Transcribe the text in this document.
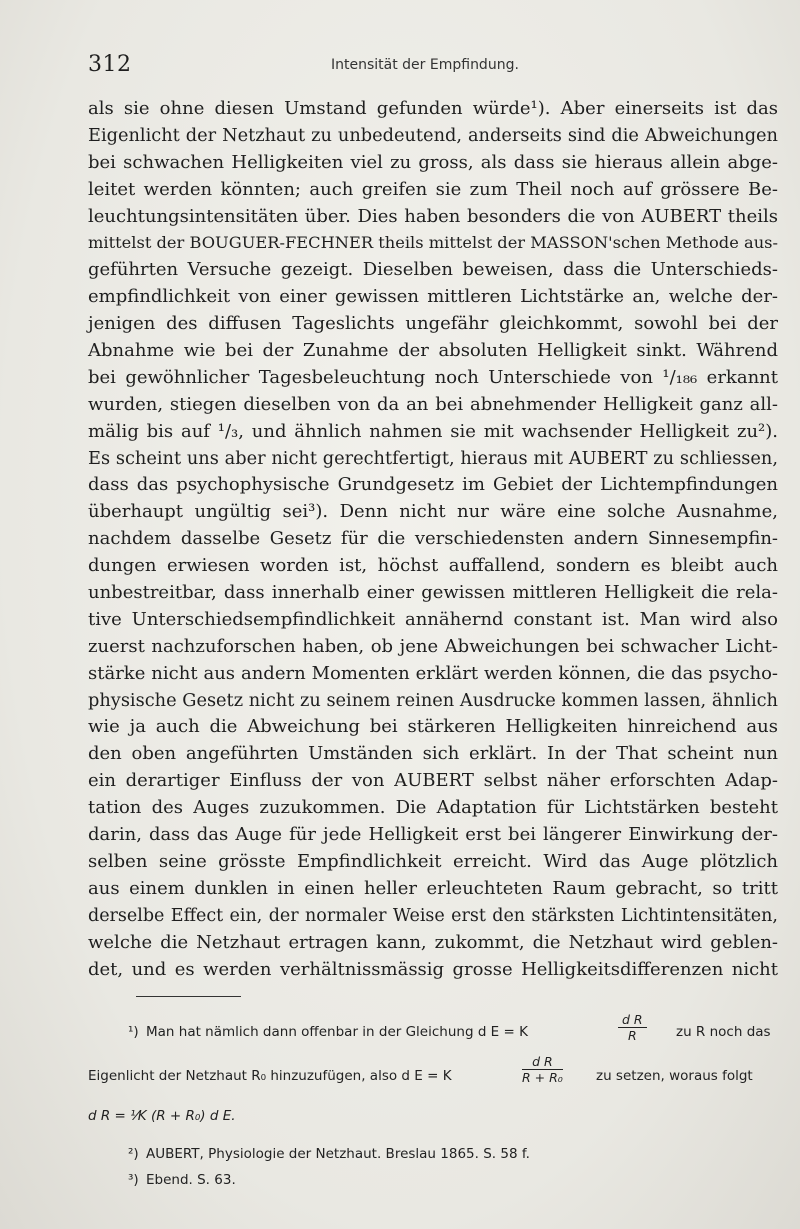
312	Intensität der Empfindung.
als sie ohne diesen Umstand gefunden würde¹). Aber einerseits ist das
Eigenlicht der Netzhaut zu unbedeutend, anderseits sind die Abweichungen
bei schwachen Helligkeiten viel zu gross, als dass sie hieraus allein abge-
leitet werden könnten; auch greifen sie zum Theil noch auf grössere Be-
leuchtungsintensitäten über. Dies haben besonders die von AUBERT theils
mittelst der BOUGUER-FECHNER theils mittelst der MASSON'schen Methode aus-
geführten Versuche gezeigt. Dieselben beweisen, dass die Unterschieds-
empfindlichkeit von einer gewissen mittleren Lichtstärke an, welche der-
jenigen des diffusen Tageslichts ungefähr gleichkommt, sowohl bei der
Abnahme wie bei der Zunahme der absoluten Helligkeit sinkt. Während
bei gewöhnlicher Tagesbeleuchtung noch Unterschiede von ¹/₁₈₆ erkannt
wurden, stiegen dieselben von da an bei abnehmender Helligkeit ganz all-
mälig bis auf ¹/₃, und ähnlich nahmen sie mit wachsender Helligkeit zu²).
Es scheint uns aber nicht gerechtfertigt, hieraus mit AUBERT zu schliessen,
dass das psychophysische Grundgesetz im Gebiet der Lichtempfindungen
überhaupt ungültig sei³). Denn nicht nur wäre eine solche Ausnahme,
nachdem dasselbe Gesetz für die verschiedensten andern Sinnesempfin-
dungen erwiesen worden ist, höchst auffallend, sondern es bleibt auch
unbestreitbar, dass innerhalb einer gewissen mittleren Helligkeit die rela-
tive Unterschiedsempfindlichkeit annähernd constant ist. Man wird also
zuerst nachzuforschen haben, ob jene Abweichungen bei schwacher Licht-
stärke nicht aus andern Momenten erklärt werden können, die das psycho-
physische Gesetz nicht zu seinem reinen Ausdrucke kommen lassen, ähnlich
wie ja auch die Abweichung bei stärkeren Helligkeiten hinreichend aus
den oben angeführten Umständen sich erklärt. In der That scheint nun
ein derartiger Einfluss der von AUBERT selbst näher erforschten Adap-
tation des Auges zuzukommen. Die Adaptation für Lichtstärken besteht
darin, dass das Auge für jede Helligkeit erst bei längerer Einwirkung der-
selben seine grösste Empfindlichkeit erreicht. Wird das Auge plötzlich
aus einem dunklen in einen heller erleuchteten Raum gebracht, so tritt
derselbe Effect ein, der normaler Weise erst den stärksten Lichtintensitäten,
welche die Netzhaut ertragen kann, zukommt, die Netzhaut wird geblen-
det, und es werden verhältnissmässig grosse Helligkeitsdifferenzen nicht
¹) Man hat nämlich dann offenbar in der Gleichung d E = K	$\frac{\text{d R}}{R}$ zu R noch das
Eigenlicht der Netzhaut R₀ hinzuzufügen, also d E = K	$\frac{\text{d R}}{\text{R + R₀}}$ zu setzen, woraus folgt
d R = ¹⁄K (R + R₀) d E.
²) AUBERT, Physiologie der Netzhaut. Breslau 1865. S. 58 f.
³) Ebend. S. 63.
